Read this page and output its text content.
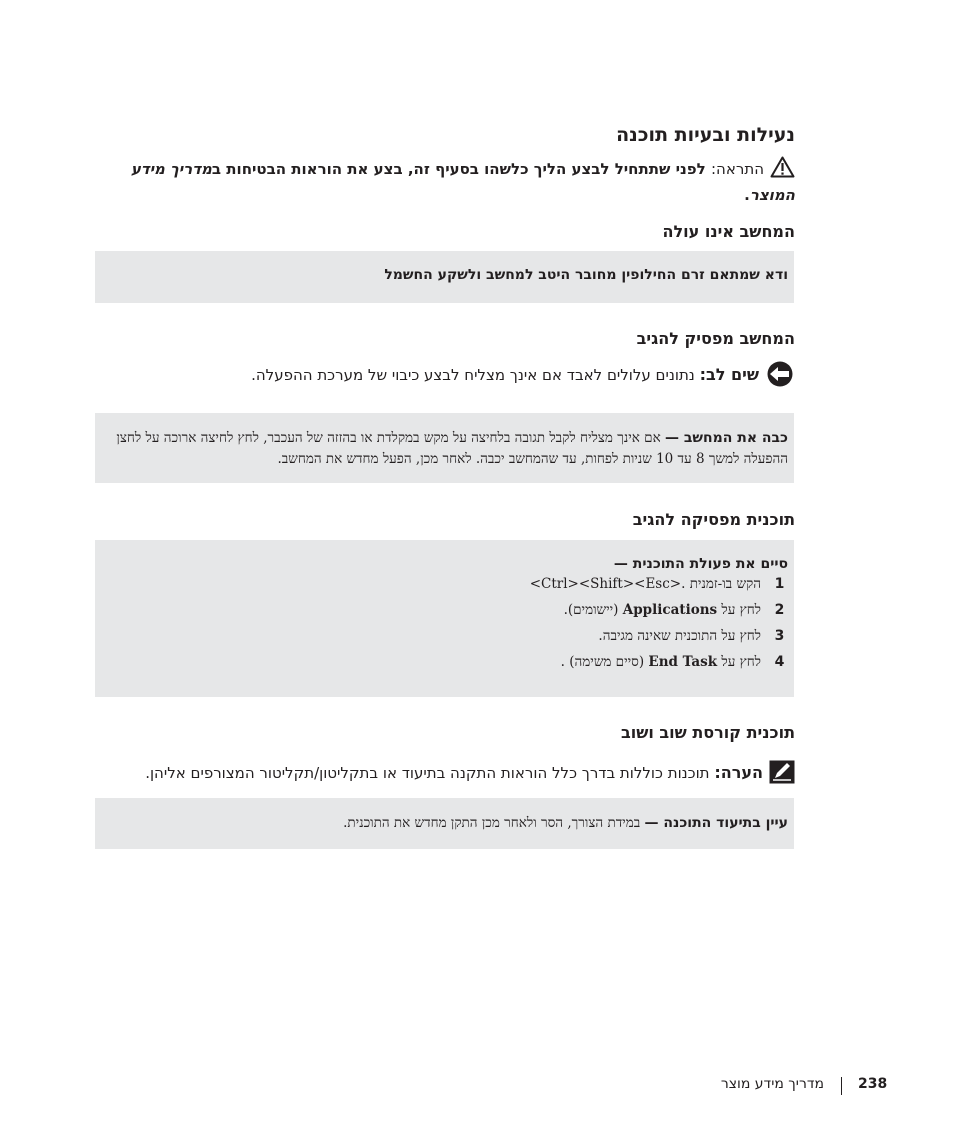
נעילות ובעיות תוכנה
התראה: לפני שתתחיל לבצע הליך כלשהו בסעיף זה, בצע את הוראות הבטיחות במדריך מידע המוצר.
המחשב אינו עולה
ודא שמתאם זרם החילופין מחובר היטב למחשב ולשקע החשמל
המחשב מפסיק להגיב
שים לב: נתונים עלולים לאבד אם אינך מצליח לבצע כיבוי של מערכת ההפעלה.
כבה את המחשב — אם אינך מצליח לקבל תגובה בלחיצה על מקש במקלדת או בהזזה של העכבר, לחץ לחיצה ארוכה על לחצן ההפעלה למשך 8 עד 10 שניות לפחות, עד שהמחשב יכבה. לאחר מכן, הפעל מחדש את המחשב.
תוכנית מפסיקה להגיב
סיים את פעולת התוכנית —
1
הקש בו-זמנית <Ctrl><Shift><Esc>.
2
לחץ על Applications (יישומים).
3
לחץ על התוכנית שאינה מגיבה.
4
לחץ על End Task (סיים משימה) .
תוכנית קורסת שוב ושוב
הערה: תוכנות כוללות בדרך כלל הוראות התקנה בתיעוד או בתקליטון/תקליטור המצורפים אליהן.
עיין בתיעוד התוכנה — במידת הצורך, הסר ולאחר מכן התקן מחדש את התוכנית.
238
מדריך מידע מוצר
